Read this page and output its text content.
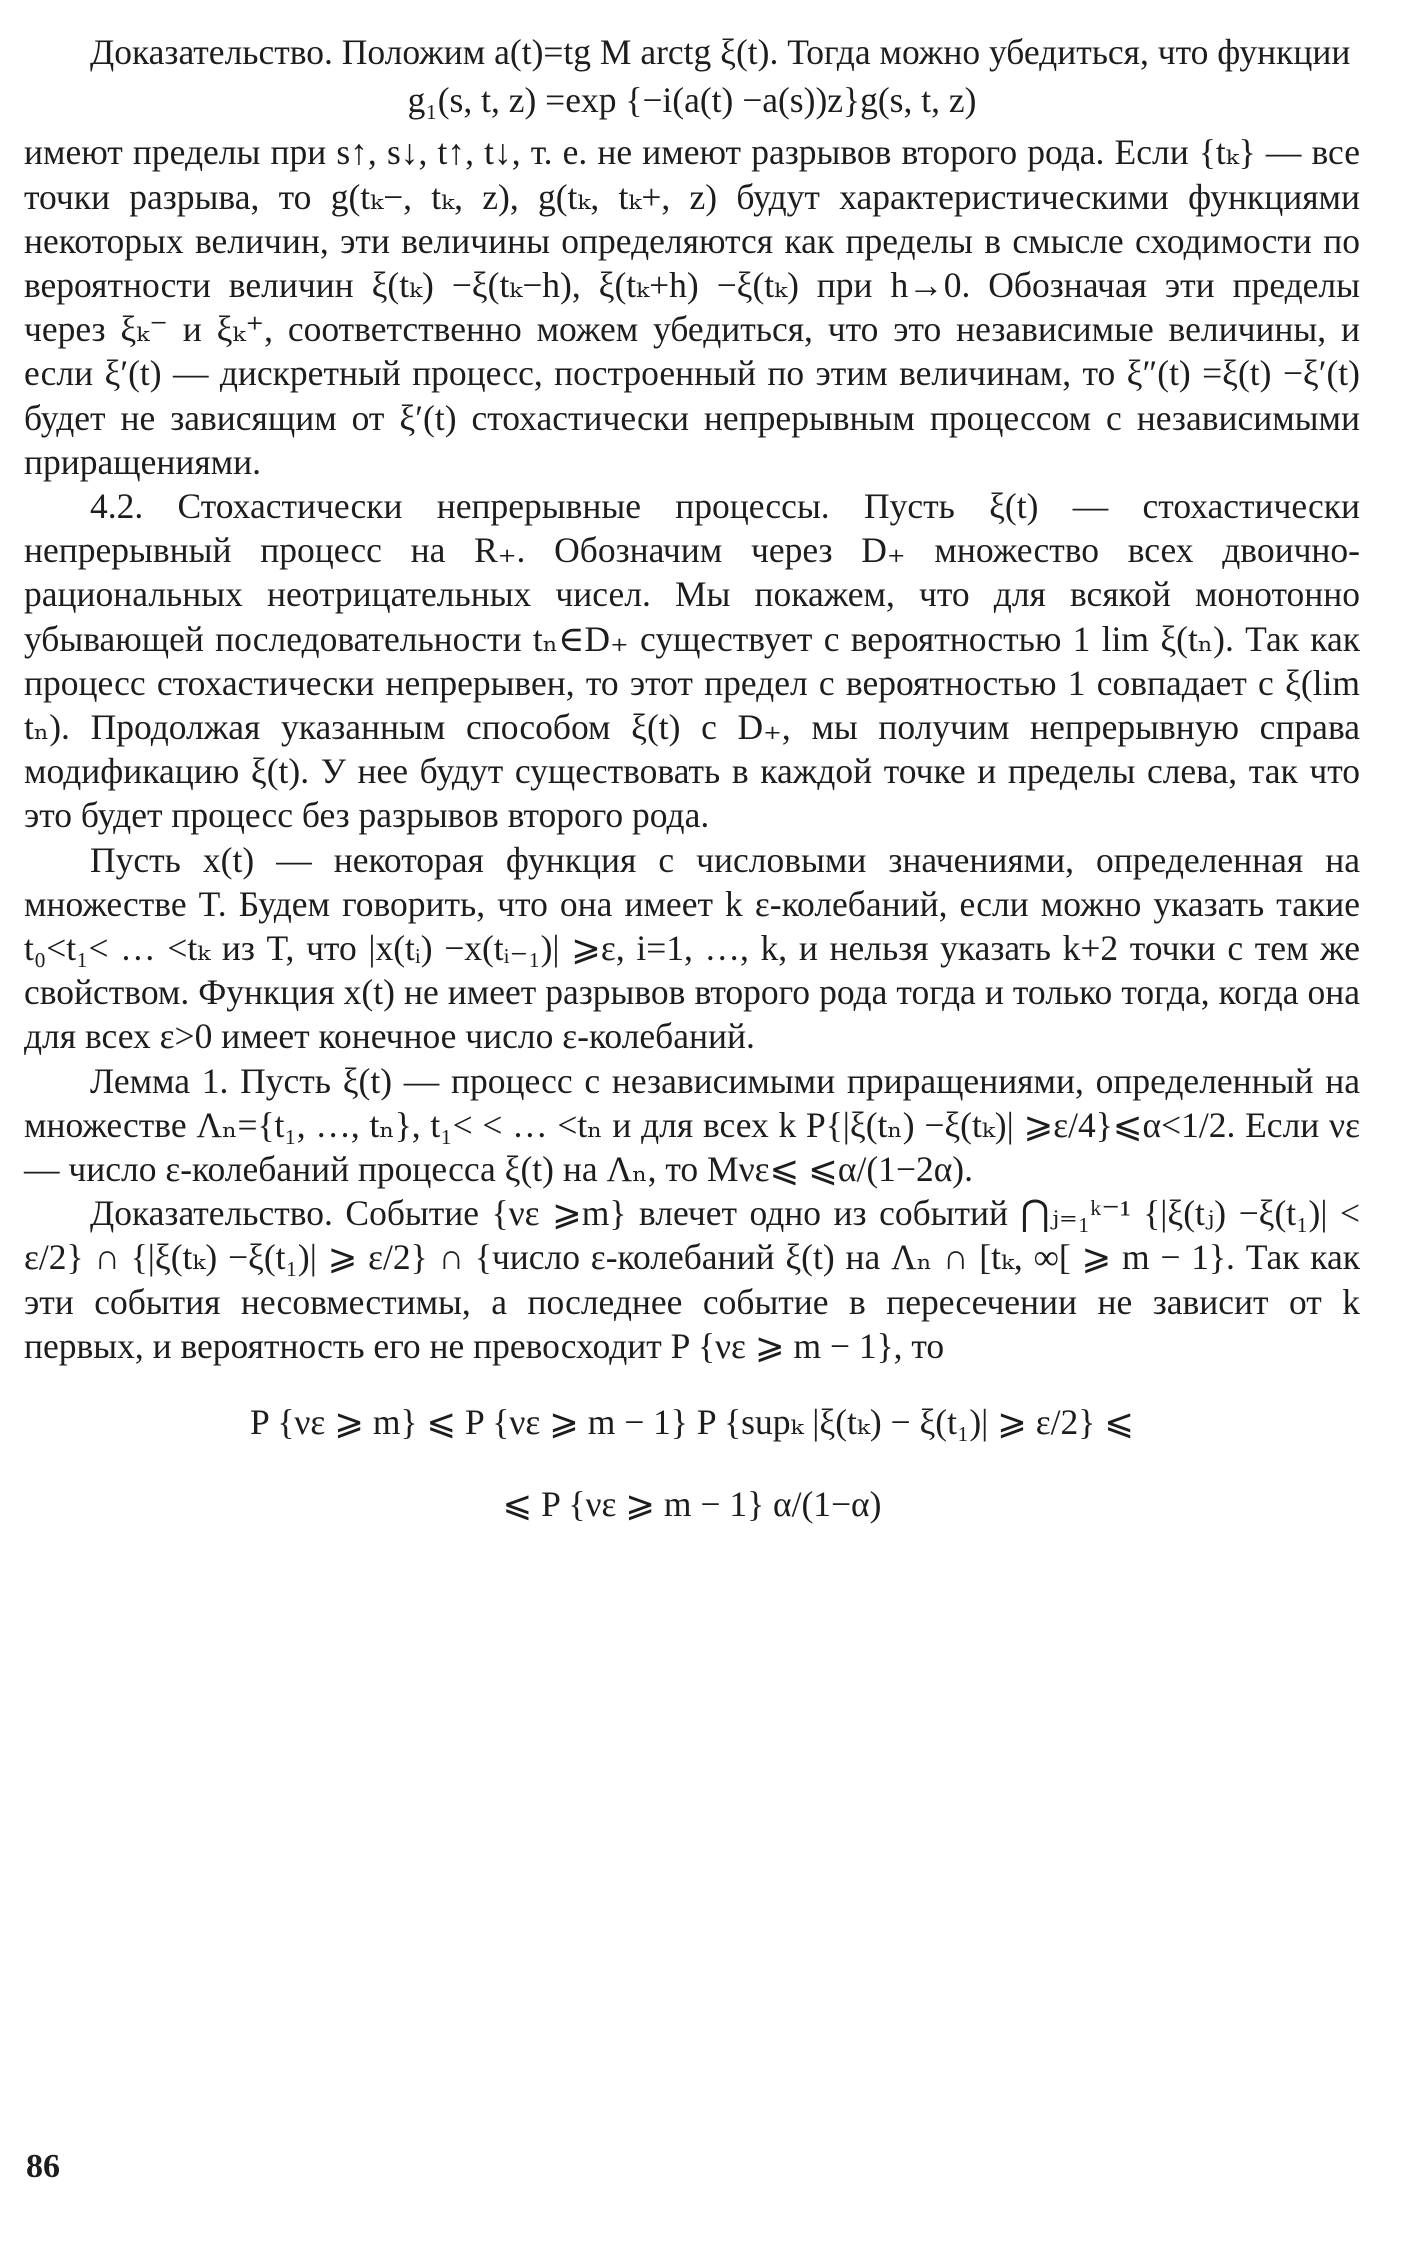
Доказательство. Положим a(t)=tg M arctg ξ(t). Тогда можно убедиться, что функции

g₁(s, t, z) =exp {−i(a(t) −a(s))z}g(s, t, z)

имеют пределы при s↑, s↓, t↑, t↓, т. е. не имеют разрывов второго рода. Если {tₖ} — все точки разрыва, то g(tₖ−, tₖ, z), g(tₖ, tₖ+, z) будут характеристическими функциями некоторых величин, эти величины определяются как пределы в смысле сходимости по вероятности величин ξ(tₖ) −ξ(tₖ−h), ξ(tₖ+h) −ξ(tₖ) при h→0. Обозначая эти пределы через ξₖ⁻ и ξₖ⁺, соответственно можем убедиться, что это независимые величины, и если ξ′(t) — дискретный процесс, построенный по этим величинам, то ξ″(t) =ξ(t) −ξ′(t) будет не зависящим от ξ′(t) стохастически непрерывным процессом с независимыми приращениями.

4.2. Стохастически непрерывные процессы. Пусть ξ(t) — стохастически непрерывный процесс на R₊. Обозначим через D₊ множество всех двоично-рациональных неотрицательных чисел. Мы покажем, что для всякой монотонно убывающей последовательности tₙ∈D₊ существует с вероятностью 1 lim ξ(tₙ). Так как процесс стохастически непрерывен, то этот предел с вероятностью 1 совпадает с ξ(lim tₙ). Продолжая указанным способом ξ(t) с D₊, мы получим непрерывную справа модификацию ξ(t). У нее будут существовать в каждой точке и пределы слева, так что это будет процесс без разрывов второго рода.

Пусть x(t) — некоторая функция с числовыми значениями, определенная на множестве T. Будем говорить, что она имеет k ε-колебаний, если можно указать такие t₀<t₁< … <tₖ из T, что |x(tᵢ) −x(tᵢ₋₁)| ⩾ε, i=1, …, k, и нельзя указать k+2 точки с тем же свойством. Функция x(t) не имеет разрывов второго рода тогда и только тогда, когда она для всех ε>0 имеет конечное число ε-колебаний.

Лемма 1. Пусть ξ(t) — процесс с независимыми приращениями, определенный на множестве Λₙ={t₁, …, tₙ}, t₁< < … <tₙ и для всех k P{|ξ(tₙ) −ξ(tₖ)| ⩾ε/4}⩽α<1/2. Если νε — число ε-колебаний процесса ξ(t) на Λₙ, то Mνε⩽ ⩽α/(1−2α).

Доказательство. Событие {νε ⩾m} влечет одно из событий ⋂ⱼ₌₁ᵏ⁻¹ {|ξ(tⱼ) −ξ(t₁)| < ε/2} ∩ {|ξ(tₖ) −ξ(t₁)| ⩾ ε/2} ∩ {число ε-колебаний ξ(t) на Λₙ ∩ [tₖ, ∞[ ⩾ m − 1}. Так как эти события несовместимы, а последнее событие в пересечении не зависит от k первых, и вероятность его не превосходит P {νε ⩾ m − 1}, то

P {νε ⩾ m} ⩽ P {νε ⩾ m − 1} P {supₖ |ξ(tₖ) − ξ(t₁)| ⩾ ε/2} ⩽

⩽ P {νε ⩾ m − 1} α/(1−α)

86
